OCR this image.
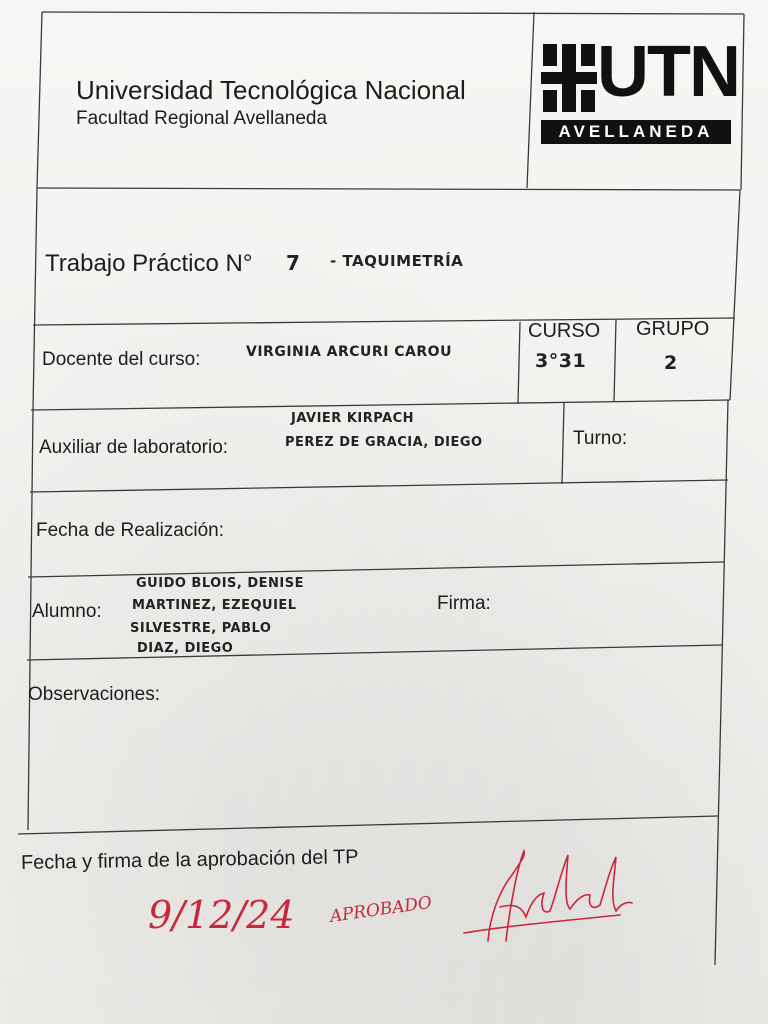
Universidad Tecnológica Nacional
Facultad Regional Avellaneda
UTN
AVELLANEDA
Trabajo Práctico N° 7 - TAQUIMETRÍA
Docente del curso:	VIRGINIA ARCURI CAROU
CURSO
3°31
GRUPO
2
Auxiliar de laboratorio:
JAVIER KIRPACH
PEREZ DE GRACIA, DIEGO	Turno:
Fecha de Realización:
Alumno:
GUIDO BLOIS, DENISE
MARTINEZ, EZEQUIEL
SILVESTRE, PABLO
DIAZ, DIEGO
Firma:
Observaciones:
Fecha y firma de la aprobación del TP
9/12/24 APROBADO
